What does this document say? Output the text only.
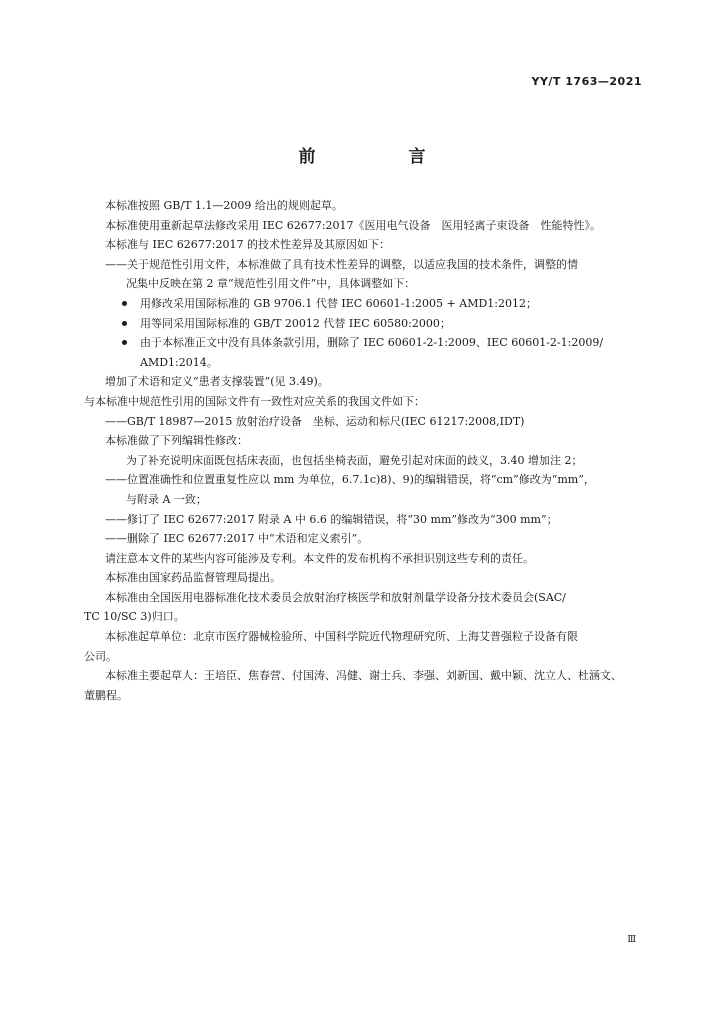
YY/T 1763—2021
前　言
本标准按照 GB/T 1.1—2009 给出的规则起草。
本标准使用重新起草法修改采用 IEC 62677:2017《医用电气设备　医用轻离子束设备　性能特性》。
本标准与 IEC 62677:2017 的技术性差异及其原因如下：
——关于规范性引用文件，本标准做了具有技术性差异的调整，以适应我国的技术条件，调整的情
况集中反映在第 2 章“规范性引用文件”中，具体调整如下：
用修改采用国际标准的 GB 9706.1 代替 IEC 60601-1:2005 + AMD1:2012；
用等同采用国际标准的 GB/T 20012 代替 IEC 60580:2000；
由于本标准正文中没有具体条款引用，删除了 IEC 60601-2-1:2009、IEC 60601-2-1:2009/
AMD1:2014。
增加了术语和定义“患者支撑装置”(见 3.49)。
与本标准中规范性引用的国际文件有一致性对应关系的我国文件如下：
——GB/T 18987—2015 放射治疗设备　坐标、运动和标尺(IEC 61217:2008,IDT)
本标准做了下列编辑性修改：
为了补充说明床面既包括床表面，也包括坐椅表面，避免引起对床面的歧义，3.40 增加注 2；
——位置准确性和位置重复性应以 mm 为单位，6.7.1c)8)、9)的编辑错误，将“cm”修改为“mm”，
与附录 A 一致；
——修订了 IEC 62677:2017 附录 A 中 6.6 的编辑错误，将“30 mm”修改为“300 mm”；
——删除了 IEC 62677:2017 中“术语和定义索引”。
请注意本文件的某些内容可能涉及专利。本文件的发布机构不承担识别这些专利的责任。
本标准由国家药品监督管理局提出。
本标准由全国医用电器标准化技术委员会放射治疗核医学和放射剂量学设备分技术委员会(SAC/
TC 10/SC 3)归口。
本标准起草单位：北京市医疗器械检验所、中国科学院近代物理研究所、上海艾普强粒子设备有限
公司。
本标准主要起草人：王培臣、焦春营、付国涛、冯健、谢士兵、李强、刘新国、戴中颖、沈立人、杜涵文、
董鹏程。
Ⅲ
